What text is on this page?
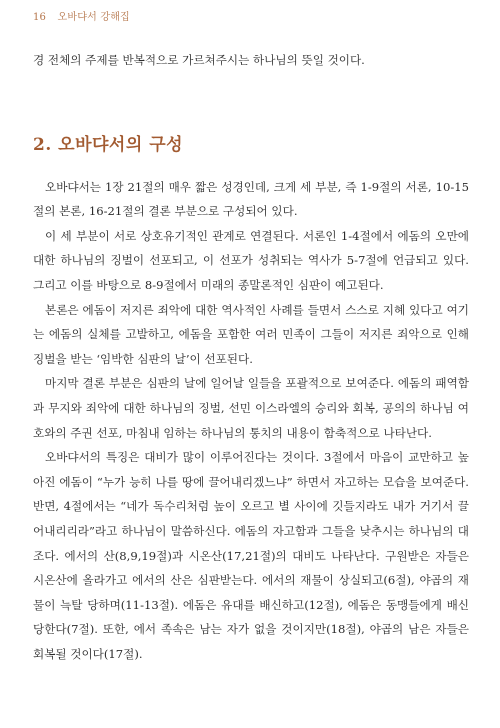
16 오바댜서 강해집

경 전체의 주제를 반복적으로 가르쳐주시는 하나님의 뜻일 것이다.

2. 오바댜서의 구성

오바댜서는 1장 21절의 매우 짧은 성경인데, 크게 세 부분, 즉 1-9절의 서론, 10-15절의 본론, 16-21절의 결론 부분으로 구성되어 있다.

이 세 부분이 서로 상호유기적인 관계로 연결된다. 서론인 1-4절에서 에돔의 오만에 대한 하나님의 징벌이 선포되고, 이 선포가 성취되는 역사가 5-7절에 언급되고 있다. 그리고 이를 바탕으로 8-9절에서 미래의 종말론적인 심판이 예고된다.

본론은 에돔이 저지른 죄악에 대한 역사적인 사례를 들면서 스스로 지혜 있다고 여기는 에돔의 실체를 고발하고, 에돔을 포함한 여러 민족이 그들이 저지른 죄악으로 인해 징벌을 받는 ‘임박한 심판의 날’이 선포된다.

마지막 결론 부분은 심판의 날에 일어날 일들을 포괄적으로 보여준다. 에돔의 패역함과 무지와 죄악에 대한 하나님의 징벌, 선민 이스라엘의 승리와 회복, 공의의 하나님 여호와의 주권 선포, 마침내 임하는 하나님의 통치의 내용이 함축적으로 나타난다.

오바댜서의 특징은 대비가 많이 이루어진다는 것이다. 3절에서 마음이 교만하고 높아진 에돔이 “누가 능히 나를 땅에 끌어내리겠느냐” 하면서 자고하는 모습을 보여준다. 반면, 4절에서는 “네가 독수리처럼 높이 오르고 별 사이에 깃들지라도 내가 거기서 끌어내리리라”라고 하나님이 말씀하신다. 에돔의 자고함과 그들을 낮추시는 하나님의 대조다. 에서의 산(8,9,19절)과 시온산(17,21절)의 대비도 나타난다. 구원받은 자들은 시온산에 올라가고 에서의 산은 심판받는다. 에서의 재물이 상실되고(6절), 야곱의 재물이 늑탈 당하며(11-13절). 에돔은 유대를 배신하고(12절), 에돔은 동맹들에게 배신 당한다(7절). 또한, 에서 족속은 남는 자가 없을 것이지만(18절), 야곱의 남은 자들은 회복될 것이다(17절).
